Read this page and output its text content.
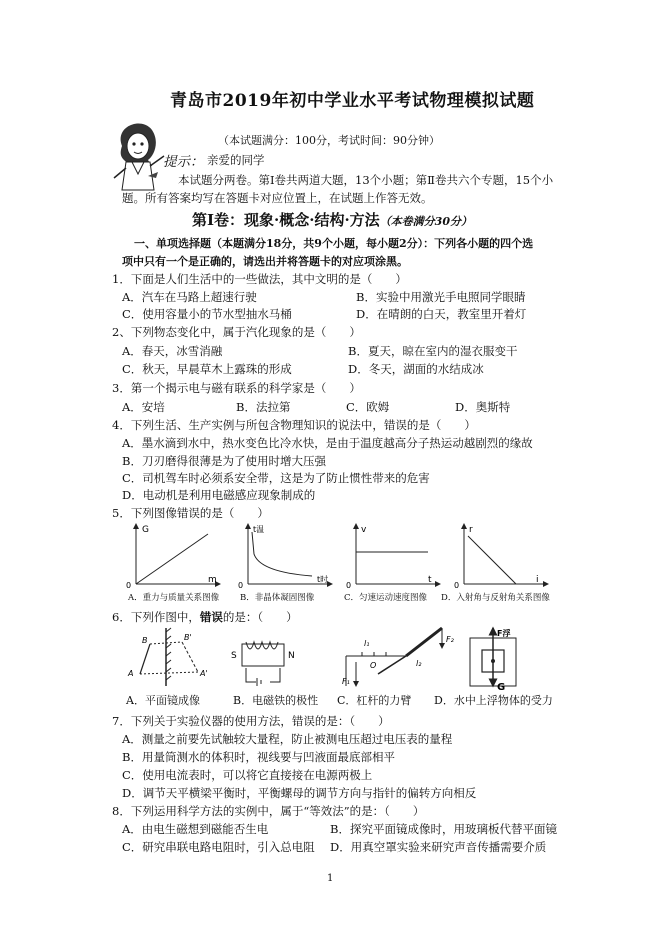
青岛市2019年初中学业水平考试物理模拟试题
（本试题满分：100分，考试时间：90分钟）
提示： 亲爱的同学
本试题分两卷。第Ⅰ卷共两道大题，13个小题；第Ⅱ卷共六个专题，15个小
题。所有答案均写在答题卡对应位置上，在试题上作答无效。
第Ⅰ卷：现象·概念·结构·方法（本卷满分30分）
一、单项选择题（本题满分18分，共9个小题，每小题2分）：下列各小题的四个选
项中只有一个是正确的，请选出并将答题卡的对应项涂黑。
1．下面是人们生活中的一些做法，其中文明的是（　　）
A．汽车在马路上超速行驶	B．实验中用激光手电照同学眼睛
C．使用容量小的节水型抽水马桶	D．在晴朗的白天，教室里开着灯
2、下列物态变化中，属于汽化现象的是（　　）
A．春天，冰雪消融	B．夏天，晾在室内的湿衣服变干
C．秋天，早晨草木上露珠的形成	D．冬天，湖面的水结成冰
3．第一个揭示电与磁有联系的科学家是（　　）
A．安培	B．法拉第	C．欧姆	D．奥斯特
4．下列生活、生产实例与所包含物理知识的说法中，错误的是（　　）
A．墨水滴到水中，热水变色比冷水快，是由于温度越高分子热运动越剧烈的缘故
B．刀刃磨得很薄是为了使用时增大压强
C．司机驾车时必须系安全带，这是为了防止惯性带来的危害
D．电动机是利用电磁感应现象制成的
5．下列图像错误的是（　　）
G
m
0
t温
t时
0
v
t
0
r
i
0
A．重力与质量关系图像 B．非晶体凝固图像	C．匀速运动速度图像 D．入射角与反射角关系图像
6．下列作图中，错误的是：（　　）
B
A
B'
A'
S	N
l₁
l₂
F₂
F₁
O
F浮
G
A．平面镜成像	B．电磁铁的极性 C．杠杆的力臂 D．水中上浮物体的受力
7．下列关于实验仪器的使用方法，错误的是：（　　）
A．测量之前要先试触较大量程，防止被测电压超过电压表的量程
B．用量筒测水的体积时，视线要与凹液面最底部相平
C．使用电流表时，可以将它直接接在电源两极上
D．调节天平横梁平衡时，平衡螺母的调节方向与指针的偏转方向相反
8．下列运用科学方法的实例中，属于“等效法”的是：（　　）
A．由电生磁想到磁能否生电	B．探究平面镜成像时，用玻璃板代替平面镜
C．研究串联电路电阻时，引入总电阻 D．用真空罩实验来研究声音传播需要介质
1
